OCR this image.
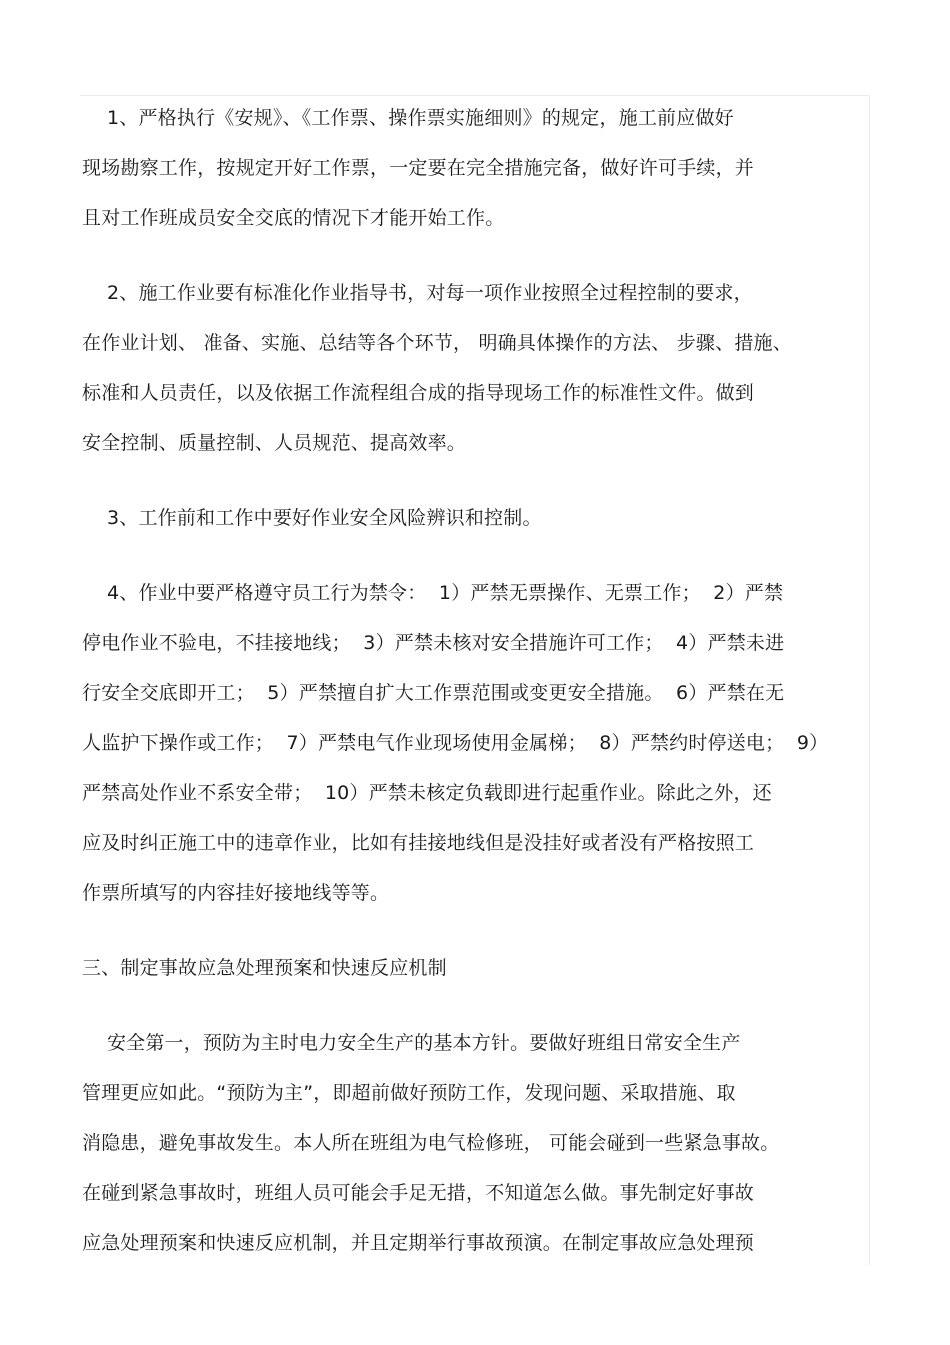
1、严格执行《安规》、《工作票、操作票实施细则》的规定，施工前应做好
现场勘察工作，按规定开好工作票，一定要在完全措施完备，做好许可手续，并
且对工作班成员安全交底的情况下才能开始工作。
2、施工作业要有标准化作业指导书，对每一项作业按照全过程控制的要求，
在作业计划、 准备、实施、总结等各个环节， 明确具体操作的方法、 步骤、措施、
标准和人员责任，以及依据工作流程组合成的指导现场工作的标准性文件。做到
安全控制、质量控制、人员规范、提高效率。
3、工作前和工作中要好作业安全风险辨识和控制。
4、作业中要严格遵守员工行为禁令：  1）严禁无票操作、无票工作；  2）严禁
停电作业不验电，不挂接地线；  3）严禁未核对安全措施许可工作；  4）严禁未进
行安全交底即开工；  5）严禁擅自扩大工作票范围或变更安全措施。  6）严禁在无
人监护下操作或工作；  7）严禁电气作业现场使用金属梯；  8）严禁约时停送电；  9）
严禁高处作业不系安全带；  10）严禁未核定负载即进行起重作业。除此之外，还
应及时纠正施工中的违章作业，比如有挂接地线但是没挂好或者没有严格按照工
作票所填写的内容挂好接地线等等。
三、制定事故应急处理预案和快速反应机制
安全第一，预防为主时电力安全生产的基本方针。要做好班组日常安全生产
管理更应如此。“预防为主”，即超前做好预防工作，发现问题、采取措施、取
消隐患，避免事故发生。本人所在班组为电气检修班， 可能会碰到一些紧急事故。
在碰到紧急事故时，班组人员可能会手足无措，不知道怎么做。事先制定好事故
应急处理预案和快速反应机制，并且定期举行事故预演。在制定事故应急处理预
